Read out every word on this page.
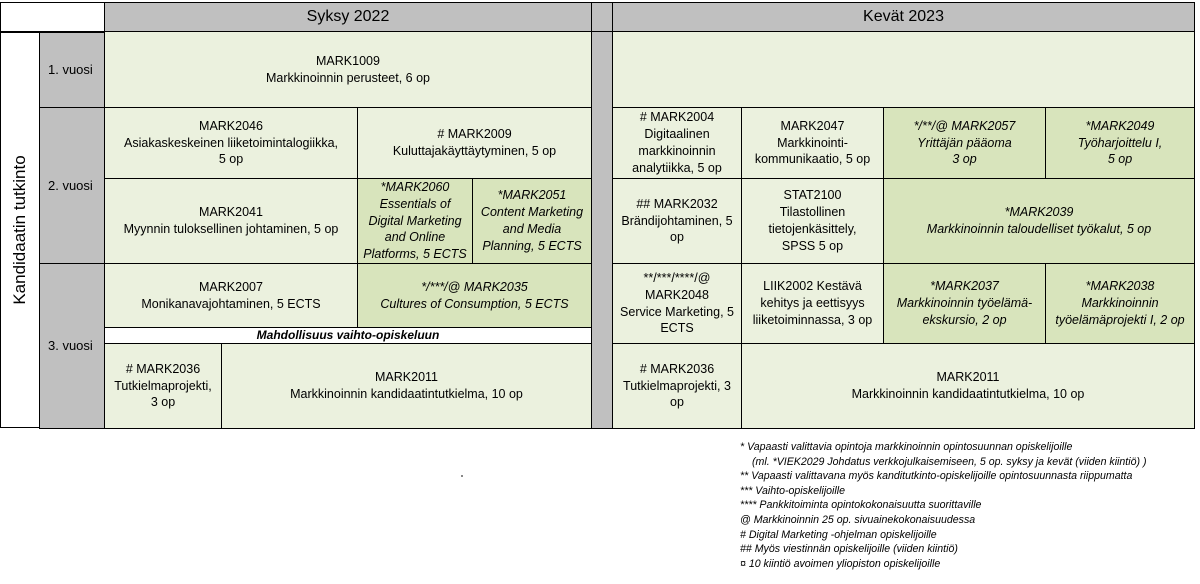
Syksy 2022	Kevät 2023
Kandidaatin tutkinto
1. vuosi
2. vuosi
3. vuosi
MARK1009
Markkinoinnin perusteet, 6 op
MARK2046
Asiakaskeskeinen liiketoimintalogiikka,
5 op
# MARK2009
Kuluttajakäyttäytyminen, 5 op
MARK2041
Myynnin tuloksellinen johtaminen, 5 op
*MARK2060
Essentials of
Digital Marketing
and Online
Platforms, 5 ECTS
*MARK2051
Content Marketing
and Media
Planning, 5 ECTS
# MARK2004
Digitaalinen
markkinoinnin
analytiikka, 5 op
MARK2047
Markkinointi-
kommunikaatio, 5 op
*/**/@ MARK2057
Yrittäjän pääoma
3 op
*MARK2049
Työharjoittelu I,
5 op
## MARK2032
Brändijohtaminen, 5
op
STAT2100
Tilastollinen
tietojenkäsittely,
SPSS 5 op
*MARK2039
Markkinoinnin taloudelliset työkalut, 5 op
MARK2007
Monikanavajohtaminen, 5 ECTS
*/***/@ MARK2035
Cultures of Consumption, 5 ECTS
Mahdollisuus vaihto-opiskeluun
# MARK2036
Tutkielmaprojekti,
3 op
MARK2011
Markkinoinnin kandidaatintutkielma, 10 op
**/***/****/@
MARK2048
Service Marketing, 5
ECTS
LIIK2002 Kestävä
kehitys ja eettisyys
liiketoiminnassa, 3 op
*MARK2037
Markkinoinnin työelämä-
ekskursio, 2 op
*MARK2038
Markkinoinnin
työelämäprojekti I, 2 op
# MARK2036
Tutkielmaprojekti, 3
op
MARK2011
Markkinoinnin kandidaatintutkielma, 10 op
* Vapaasti valittavia opintoja markkinoinnin opintosuunnan opiskelijoille
(ml. *VIEK2029 Johdatus verkkojulkaisemiseen, 5 op. syksy ja kevät (viiden kiintiö) )
** Vapaasti valittavana myös kanditutkinto-opiskelijoille opintosuunnasta riippumatta
*** Vaihto-opiskelijoille
**** Pankkitoiminta opintokokonaisuutta suorittaville
@ Markkinoinnin 25 op. sivuainekokonaisuudessa
# Digital Marketing -ohjelman opiskelijoille
## Myös viestinnän opiskelijoille (viiden kiintiö)
¤ 10 kiintiö avoimen yliopiston opiskelijoille
